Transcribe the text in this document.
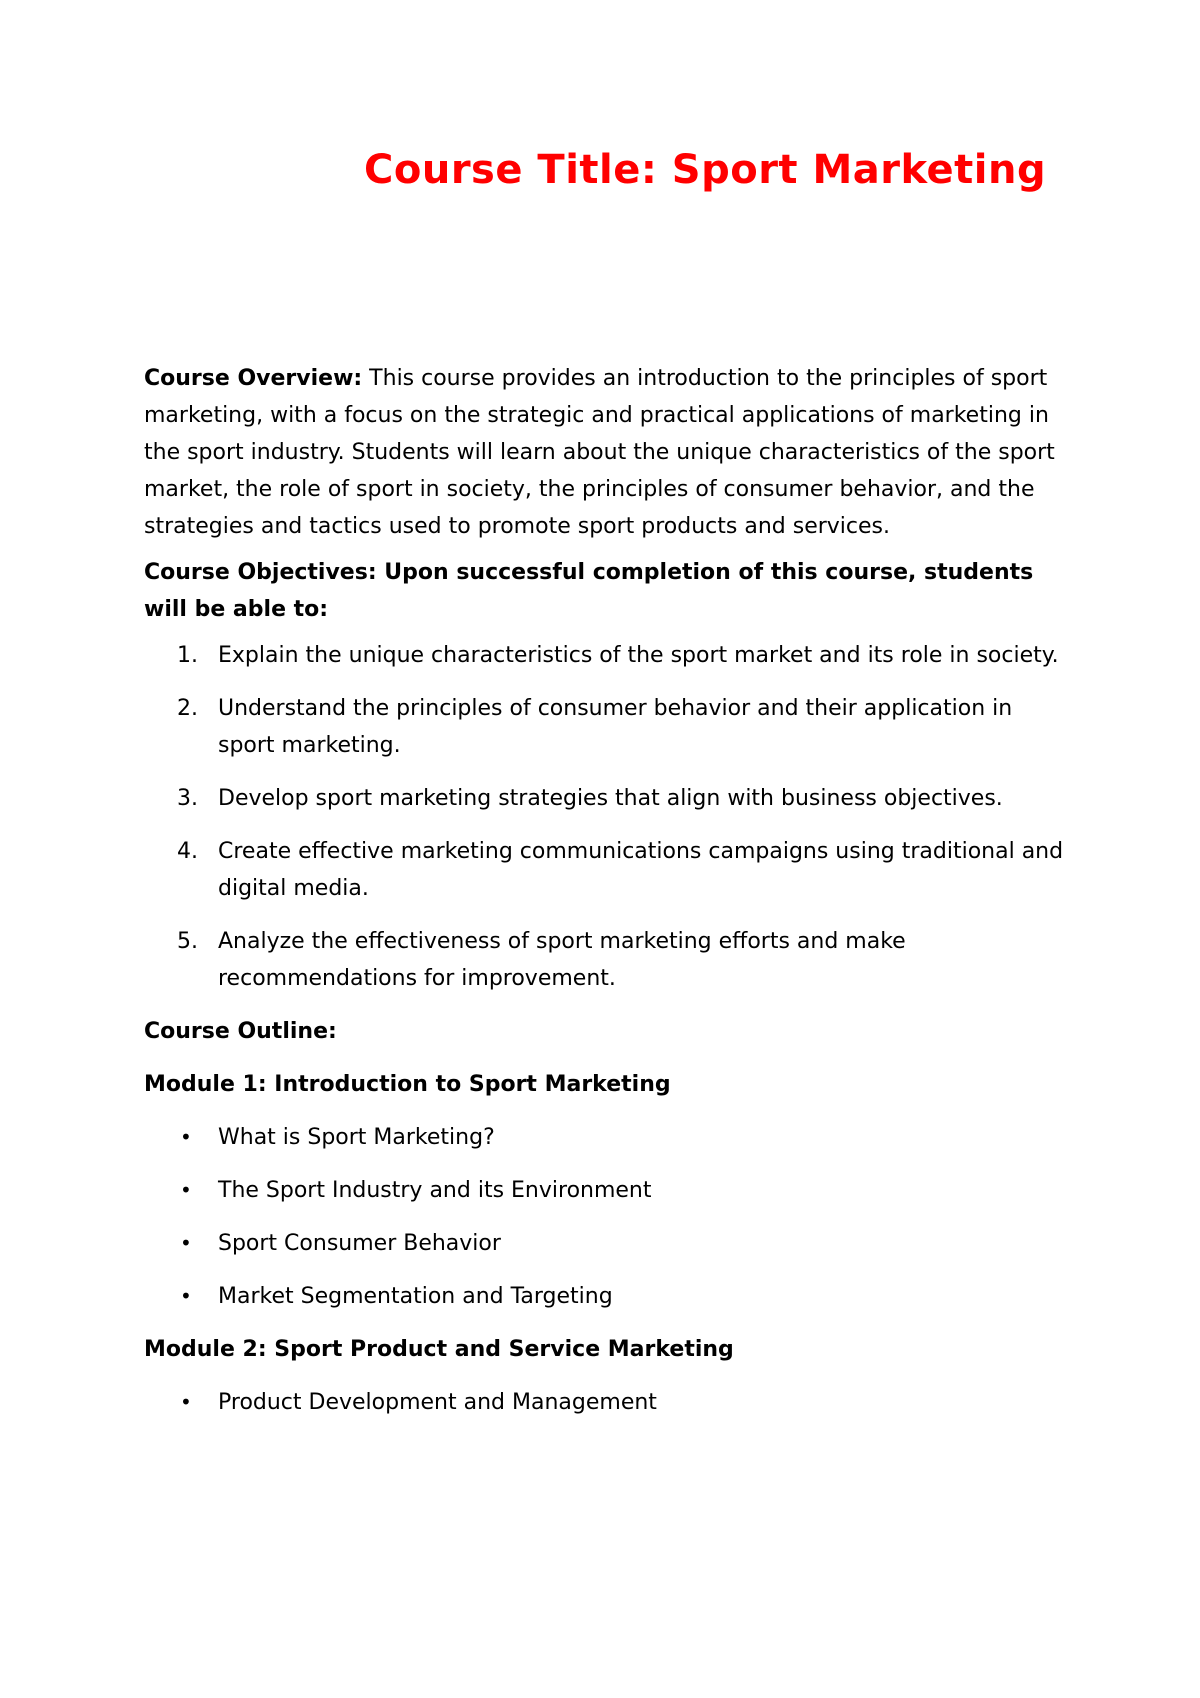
Course Title: Sport Marketing

Course Overview: This course provides an introduction to the principles of sport marketing, with a focus on the strategic and practical applications of marketing in the sport industry. Students will learn about the unique characteristics of the sport market, the role of sport in society, the principles of consumer behavior, and the strategies and tactics used to promote sport products and services.

Course Objectives: Upon successful completion of this course, students will be able to:

1. Explain the unique characteristics of the sport market and its role in society.
2. Understand the principles of consumer behavior and their application in sport marketing.
3. Develop sport marketing strategies that align with business objectives.
4. Create effective marketing communications campaigns using traditional and digital media.
5. Analyze the effectiveness of sport marketing efforts and make recommendations for improvement.

Course Outline:

Module 1: Introduction to Sport Marketing

• What is Sport Marketing?
• The Sport Industry and its Environment
• Sport Consumer Behavior
• Market Segmentation and Targeting

Module 2: Sport Product and Service Marketing

• Product Development and Management
